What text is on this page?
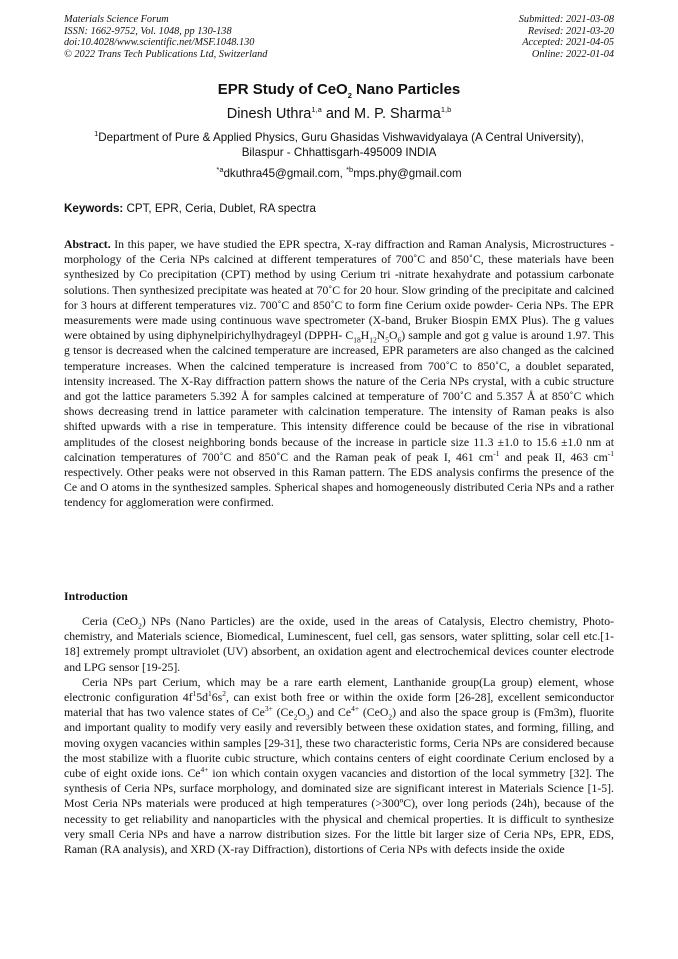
Materials Science Forum
ISSN: 1662-9752, Vol. 1048, pp 130-138
doi:10.4028/www.scientific.net/MSF.1048.130
© 2022 Trans Tech Publications Ltd, Switzerland
Submitted: 2021-03-08
Revised: 2021-03-20
Accepted: 2021-04-05
Online: 2022-01-04
EPR Study of CeO$_2$ Nano Particles
Dinesh Uthra$^{1,a}$ and M. P. Sharma$^{1,b}$
$^1$Department of Pure & Applied Physics, Guru Ghasidas Vishwavidyalaya (A Central University),
Bilaspur - Chhattisgarh-495009 INDIA
$^{*a}$dkuthra45@gmail.com, $^{*b}$mps.phy@gmail.com
Keywords: CPT, EPR, Ceria, Dublet, RA spectra
Abstract. In this paper, we have studied the EPR spectra, X-ray diffraction and Raman Analysis, Microstructures -morphology of the Ceria NPs calcined at different temperatures of 700˚C and 850˚C, these materials have been synthesized by Co precipitation (CPT) method by using Cerium tri -nitrate hexahydrate and potassium carbonate solutions. Then synthesized precipitate was heated at 70˚C for 20 hour. Slow grinding of the precipitate and calcined for 3 hours at different temperatures viz. 700˚C and 850˚C to form fine Cerium oxide powder- Ceria NPs. The EPR measurements were made using continuous wave spectrometer (X-band, Bruker Biospin EMX Plus). The g values were obtained by using diphynelpirichylhydrageyl (DPPH- $C_{18}H_{12}N_5O_6$) sample and got g value is around 1.97. This g tensor is decreased when the calcined temperature are increased, EPR parameters are also changed as the calcined temperature increases. When the calcined temperature is increased from 700˚C to 850˚C, a doublet separated, intensity increased. The X-Ray diffraction pattern shows the nature of the Ceria NPs crystal, with a cubic structure and got the lattice parameters 5.392 Å for samples calcined at temperature of 700˚C and 5.357 Å at 850˚C which shows decreasing trend in lattice parameter with calcination temperature. The intensity of Raman peaks is also shifted upwards with a rise in temperature. This intensity difference could be because of the rise in vibrational amplitudes of the closest neighboring bonds because of the increase in particle size 11.3 ±1.0 to 15.6 ±1.0 nm at calcination temperatures of 700˚C and 850˚C and the Raman peak of peak I, 461 $cm^{-1}$ and peak II, 463 $cm^{-1}$ respectively. Other peaks were not observed in this Raman pattern. The EDS analysis confirms the presence of the Ce and O atoms in the synthesized samples. Spherical shapes and homogeneously distributed Ceria NPs and a rather tendency for agglomeration were confirmed.
Introduction

Ceria (CeO$_2$) NPs (Nano Particles) are the oxide, used in the areas of Catalysis, Electro chemistry, Photo-chemistry, and Materials science, Biomedical, Luminescent, fuel cell, gas sensors, water splitting, solar cell etc.[1-18] extremely prompt ultraviolet (UV) absorbent, an oxidation agent and electrochemical devices counter electrode and LPG sensor [19-25].

Ceria NPs part Cerium, which may be a rare earth element, Lanthanide group(La group) element, whose electronic configuration $4f^15d^16s^2$, can exist both free or within the oxide form [26-28], excellent semiconductor material that has two valence states of $Ce^{3+}$ $(Ce_2O_3)$ and $Ce^{4+}$ (CeO$_2$) and also the space group is (Fm3m), fluorite and important quality to modify very easily and reversibly between these oxidation states, and forming, filling, and moving oxygen vacancies within samples [29-31], these two characteristic forms, Ceria NPs are considered because the most stabilize with a fluorite cubic structure, which contains centers of eight coordinate Cerium enclosed by a cube of eight oxide ions. $Ce^{4+}$ ion which contain oxygen vacancies and distortion of the local symmetry [32]. The synthesis of Ceria NPs, surface morphology, and dominated size are significant interest in Materials Science [1-5]. Most Ceria NPs materials were produced at high temperatures (>300ºC), over long periods (24h), because of the necessity to get reliability and nanoparticles with the physical and chemical properties. It is difficult to synthesize very small Ceria NPs and have a narrow distribution sizes. For the little bit larger size of Ceria NPs, EPR, EDS, Raman (RA analysis), and XRD (X-ray Diffraction), distortions of Ceria NPs with defects inside the oxide
